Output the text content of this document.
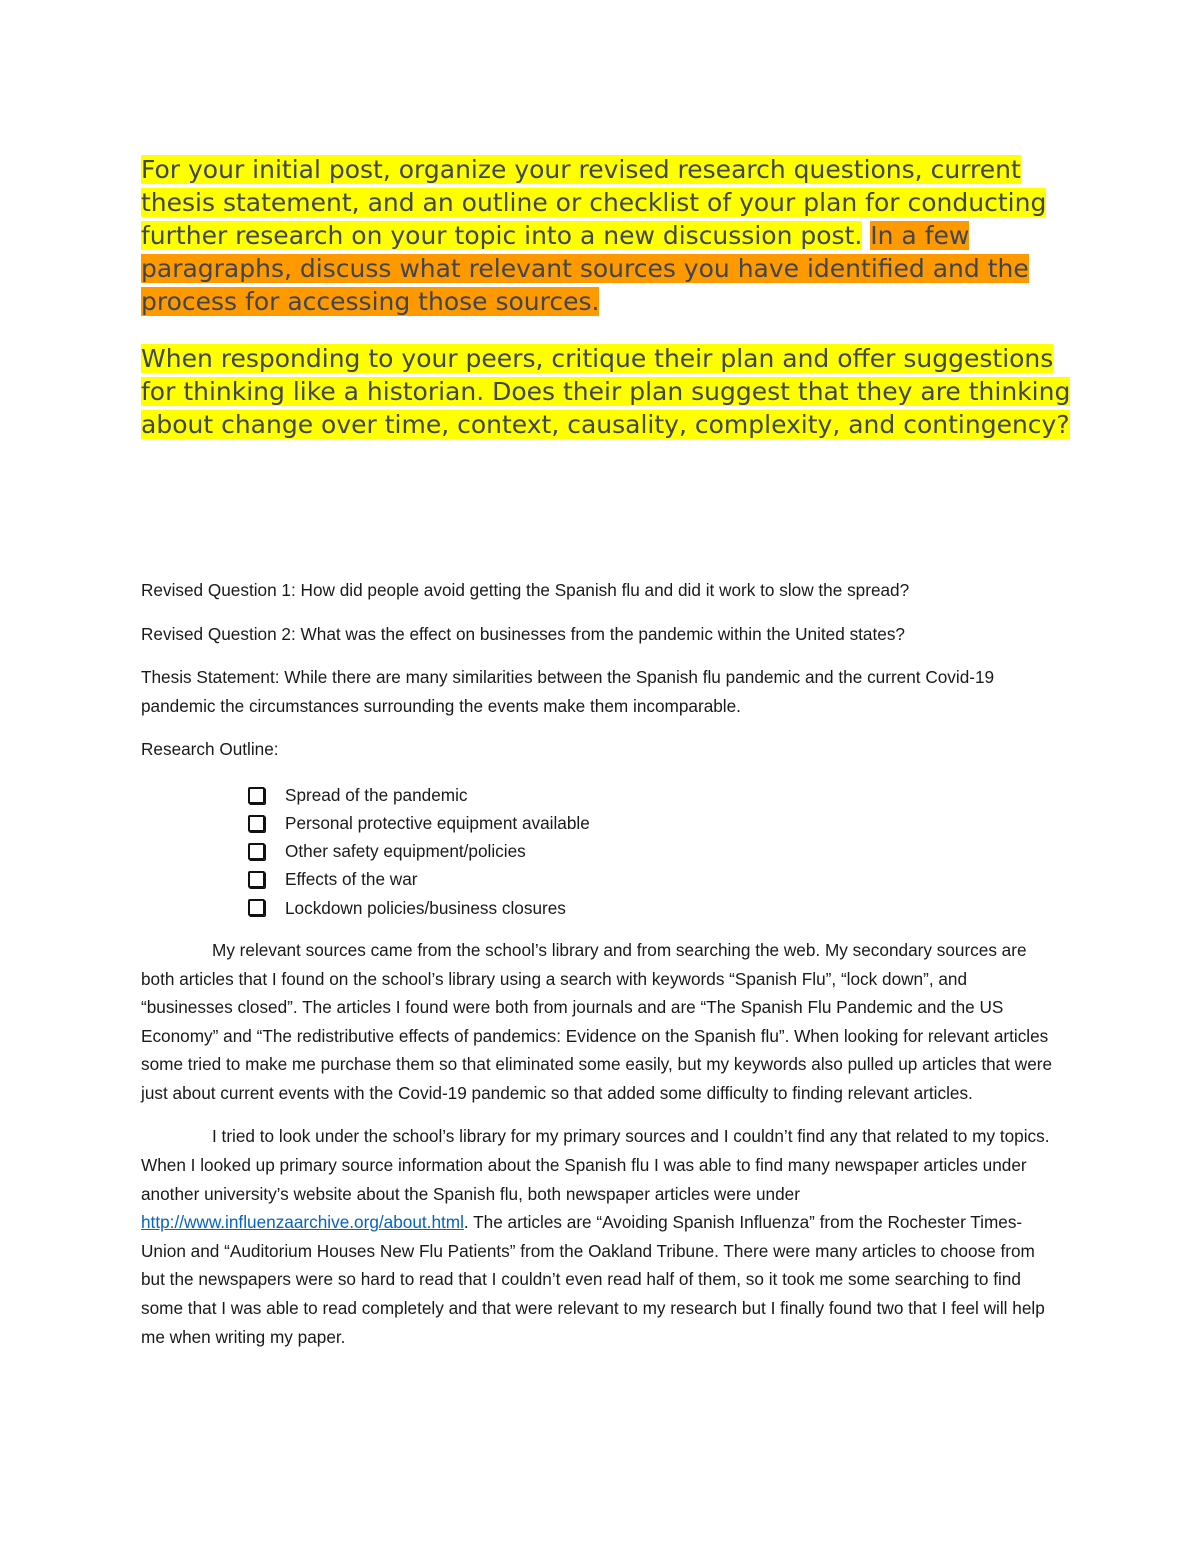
For your initial post, organize your revised research questions, current thesis statement, and an outline or checklist of your plan for conducting further research on your topic into a new discussion post. In a few paragraphs, discuss what relevant sources you have identified and the process for accessing those sources.

When responding to your peers, critique their plan and offer suggestions for thinking like a historian. Does their plan suggest that they are thinking about change over time, context, causality, complexity, and contingency?

Revised Question 1: How did people avoid getting the Spanish flu and did it work to slow the spread?

Revised Question 2: What was the effect on businesses from the pandemic within the United states?

Thesis Statement: While there are many similarities between the Spanish flu pandemic and the current Covid-19 pandemic the circumstances surrounding the events make them incomparable.

Research Outline:

Spread of the pandemic
Personal protective equipment available
Other safety equipment/policies
Effects of the war
Lockdown policies/business closures

My relevant sources came from the school’s library and from searching the web. My secondary sources are both articles that I found on the school’s library using a search with keywords “Spanish Flu”, “lock down”, and “businesses closed”. The articles I found were both from journals and are “The Spanish Flu Pandemic and the US Economy” and “The redistributive effects of pandemics: Evidence on the Spanish flu”. When looking for relevant articles some tried to make me purchase them so that eliminated some easily, but my keywords also pulled up articles that were just about current events with the Covid-19 pandemic so that added some difficulty to finding relevant articles.

I tried to look under the school’s library for my primary sources and I couldn’t find any that related to my topics. When I looked up primary source information about the Spanish flu I was able to find many newspaper articles under another university’s website about the Spanish flu, both newspaper articles were under http://www.influenzaarchive.org/about.html. The articles are “Avoiding Spanish Influenza” from the Rochester Times-Union and “Auditorium Houses New Flu Patients” from the Oakland Tribune. There were many articles to choose from but the newspapers were so hard to read that I couldn’t even read half of them, so it took me some searching to find some that I was able to read completely and that were relevant to my research but I finally found two that I feel will help me when writing my paper.
